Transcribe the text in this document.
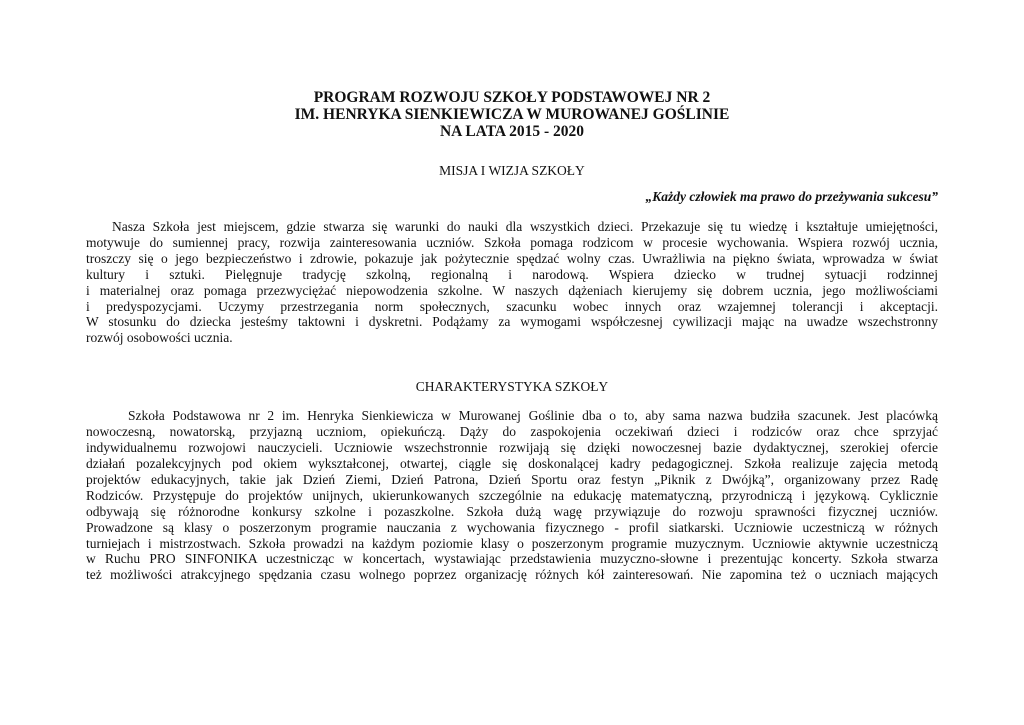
PROGRAM ROZWOJU SZKOŁY PODSTAWOWEJ NR 2

IM. HENRYKA SIENKIEWICZA W MUROWANEJ GOŚLINIE

NA LATA 2015 - 2020

MISJA I WIZJA SZKOŁY

„Każdy człowiek ma prawo do przeżywania sukcesu”

Nasza Szkoła jest miejscem, gdzie stwarza się warunki do nauki dla wszystkich dzieci. Przekazuje się tu wiedzę i kształtuje umiejętności,
motywuje do sumiennej pracy, rozwija zainteresowania uczniów. Szkoła pomaga rodzicom w procesie wychowania. Wspiera rozwój ucznia,
troszczy się o jego bezpieczeństwo i zdrowie, pokazuje jak pożytecznie spędzać wolny czas. Uwrażliwia na piękno świata, wprowadza w świat
kultury i sztuki. Pielęgnuje tradycję szkolną, regionalną i narodową. Wspiera dziecko w trudnej sytuacji rodzinnej
i materialnej oraz pomaga przezwyciężać niepowodzenia szkolne. W naszych dążeniach kierujemy się dobrem ucznia, jego możliwościami
i predyspozycjami. Uczymy przestrzegania norm społecznych, szacunku wobec innych oraz wzajemnej tolerancji i akceptacji.
W stosunku do dziecka jesteśmy taktowni i dyskretni. Podążamy za wymogami współczesnej cywilizacji mając na uwadze wszechstronny
rozwój osobowości ucznia.
CHARAKTERYSTYKA SZKOŁY
Szkoła Podstawowa nr 2 im. Henryka Sienkiewicza w Murowanej Goślinie dba o to, aby sama nazwa budziła szacunek. Jest placówką
nowoczesną, nowatorską, przyjazną uczniom, opiekuńczą. Dąży do zaspokojenia oczekiwań dzieci i rodziców oraz chce sprzyjać
indywidualnemu rozwojowi nauczycieli. Uczniowie wszechstronnie rozwijają się dzięki nowoczesnej bazie dydaktycznej, szerokiej ofercie
działań pozalekcyjnych pod okiem wykształconej, otwartej, ciągle się doskonalącej kadry pedagogicznej. Szkoła realizuje zajęcia metodą
projektów edukacyjnych, takie jak Dzień Ziemi, Dzień Patrona, Dzień Sportu oraz festyn „Piknik z Dwójką”, organizowany przez Radę
Rodziców. Przystępuje do projektów unijnych, ukierunkowanych szczególnie na edukację matematyczną, przyrodniczą i językową. Cyklicznie
odbywają się różnorodne konkursy szkolne i pozaszkolne. Szkoła dużą wagę przywiązuje do rozwoju sprawności fizycznej uczniów.
Prowadzone są klasy o poszerzonym programie nauczania z wychowania fizycznego - profil siatkarski. Uczniowie uczestniczą w różnych
turniejach i mistrzostwach. Szkoła prowadzi na każdym poziomie klasy o poszerzonym programie muzycznym. Uczniowie aktywnie uczestniczą
w Ruchu PRO SINFONIKA uczestnicząc w koncertach, wystawiając przedstawienia muzyczno-słowne i prezentując koncerty. Szkoła stwarza
też możliwości atrakcyjnego spędzania czasu wolnego poprzez organizację różnych kół zainteresowań. Nie zapomina też o uczniach mających
